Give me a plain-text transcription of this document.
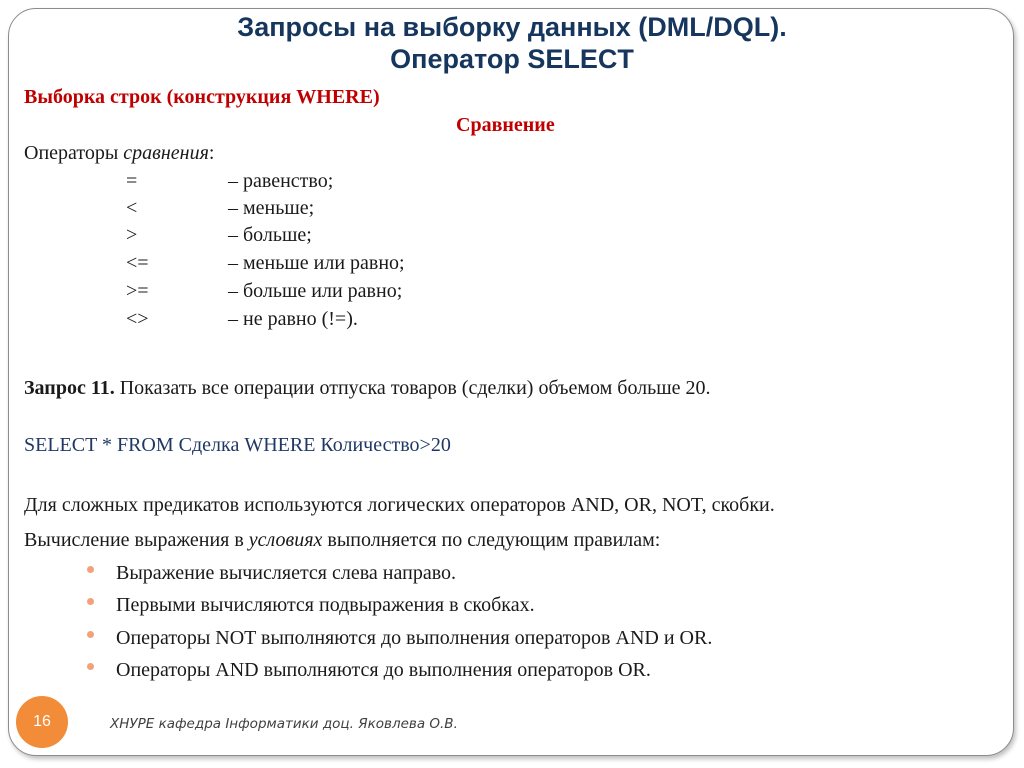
Запросы на выборку данных (DML/DQL).
Оператор SELECT
Выборка строк (конструкция WHERE)
Сравнение
Операторы сравнения:
=	– равенство;
<	– меньше;
>	– больше;
<=	– меньше или равно;
>=	– больше или равно;
<>	– не равно (!=).
Запрос 11. Показать все операции отпуска товаров (сделки) объемом больше 20.
SELECT * FROM Сделка WHERE Количество>20
Для сложных предикатов используются логических операторов AND, OR, NOT, скобки.
Вычисление выражения в условиях выполняется по следующим правилам:
Выражение вычисляется слева направо.
Первыми вычисляются подвыражения в скобках.
Операторы NOT выполняются до выполнения операторов AND и OR.
Операторы AND выполняются до выполнения операторов OR.
16	ХНУРЕ кафедра Інформатики доц. Яковлева О.В.
